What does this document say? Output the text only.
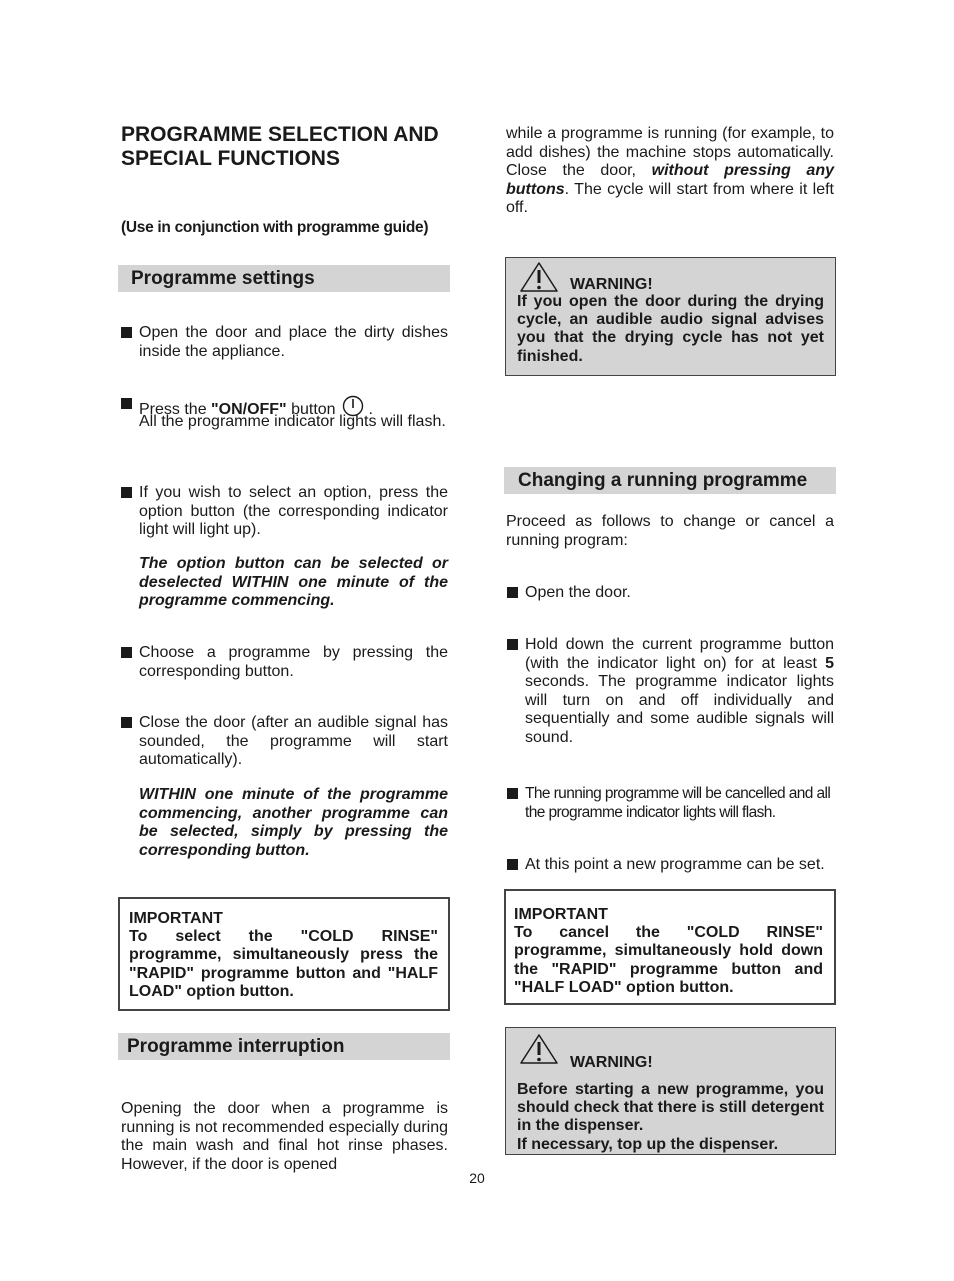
PROGRAMME SELECTION AND SPECIAL FUNCTIONS
(Use in conjunction with programme guide)
Programme settings
Open the door and place the dirty dishes inside the appliance.
Press the "ON/OFF" button  .
All the programme indicator lights will flash.
If you wish to select an option, press the option button (the corresponding indicator light will light up).
The option button can be selected or deselected WITHIN one minute of the programme commencing.
Choose a programme by pressing the corresponding button.
Close the door (after an audible signal has sounded, the programme will start automatically).
WITHIN one minute of the programme commencing, another programme can be selected, simply by pressing the corresponding button.
IMPORTANT
To select the "COLD RINSE" programme, simultaneously press the "RAPID" programme button and "HALF LOAD" option button.
Programme interruption
Opening the door when a programme is running is not recommended especially during the main wash and final hot rinse phases. However, if the door is opened
while a programme is running (for example, to add dishes) the machine stops automatically. Close the door, without pressing any buttons. The cycle will start from where it left off.
WARNING!
If you open the door during the drying cycle, an audible audio signal advises you that the drying cycle has not yet finished.
Changing a running programme
Proceed as follows to change or cancel a running program:
Open the door.
Hold down the current programme button (with the indicator light on) for at least 5 seconds. The programme indicator lights will turn on and off individually and sequentially and some audible signals will sound.
The running programme will be cancelled and all the programme indicator lights will flash.
At this point a new programme can be set.
IMPORTANT
To cancel the "COLD RINSE" programme, simultaneously hold down the "RAPID" programme button and "HALF LOAD" option button.
WARNING!
Before starting a new programme, you should check that there is still detergent in the dispenser.
If necessary, top up the dispenser.
20
